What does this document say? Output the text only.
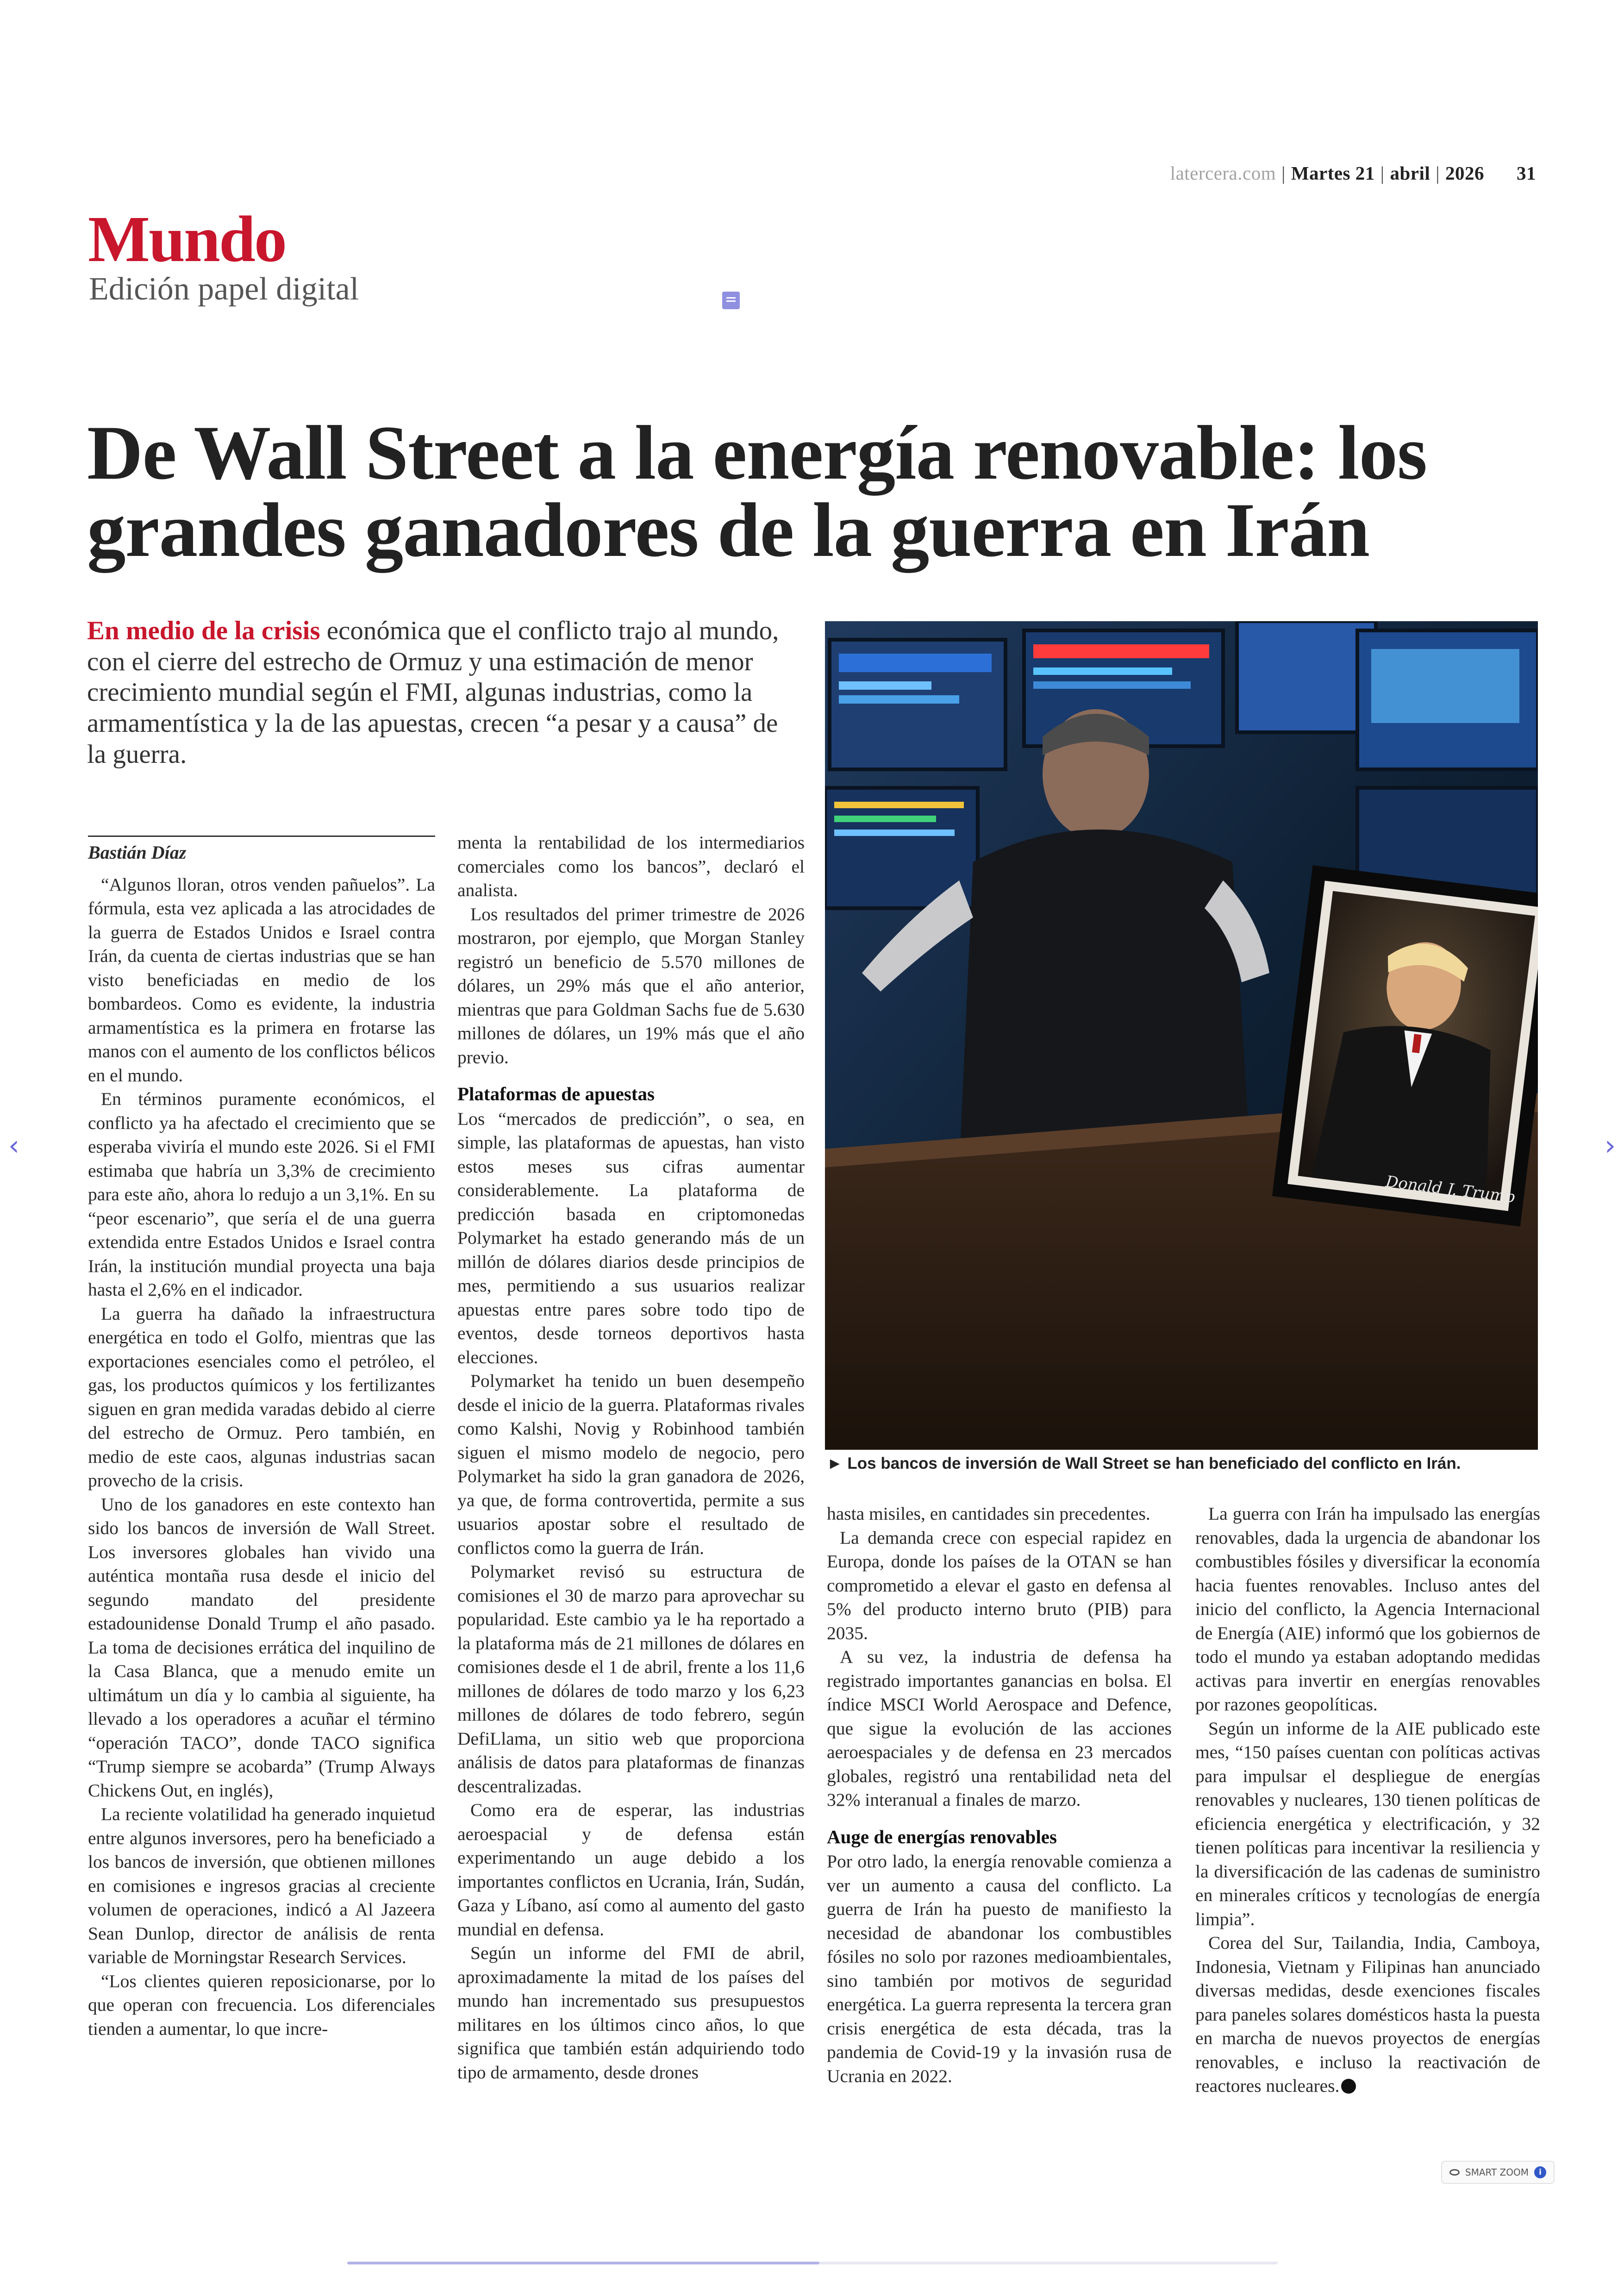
latercera.com | Martes 21 | abril | 2026 31
Mundo
Edición papel digital
De Wall Street a la energía renovable: los grandes ganadores de la guerra en Irán
En medio de la crisis económica que el conflicto trajo al mundo, con el cierre del estrecho de Ormuz y una estimación de menor crecimiento mundial según el FMI, algunas industrias, como la armamentística y la de las apuestas, crecen “a pesar y a causa” de la guerra.
Donald J. Trump
► Los bancos de inversión de Wall Street se han beneficiado del conflicto en Irán.
Bastián Díaz

“Algunos lloran, otros venden pañuelos”. La fórmula, esta vez aplicada a las atrocidades de la guerra de Estados Unidos e Israel contra Irán, da cuenta de ciertas industrias que se han visto beneficiadas en medio de los bombardeos. Como es evidente, la industria armamentística es la primera en frotarse las manos con el aumento de los conflictos bélicos en el mundo.

En términos puramente económicos, el conflicto ya ha afectado el crecimiento que se esperaba viviría el mundo este 2026. Si el FMI estimaba que habría un 3,3% de crecimiento para este año, ahora lo redujo a un 3,1%. En su “peor escenario”, que sería el de una guerra extendida entre Estados Unidos e Israel contra Irán, la institución mundial proyecta una baja hasta el 2,6% en el indicador.

La guerra ha dañado la infraestructura energética en todo el Golfo, mientras que las exportaciones esenciales como el petróleo, el gas, los productos químicos y los fertilizantes siguen en gran medida varadas debido al cierre del estrecho de Ormuz. Pero también, en medio de este caos, algunas industrias sacan provecho de la crisis.

Uno de los ganadores en este contexto han sido los bancos de inversión de Wall Street. Los inversores globales han vivido una auténtica montaña rusa desde el inicio del segundo mandato del presidente estadounidense Donald Trump el año pasado. La toma de decisiones errática del inquilino de la Casa Blanca, que a menudo emite un ultimátum un día y lo cambia al siguiente, ha llevado a los operadores a acuñar el término “operación TACO”, donde TACO significa “Trump siempre se acobarda” (Trump Always Chickens Out, en inglés),

La reciente volatilidad ha generado inquietud entre algunos inversores, pero ha beneficiado a los bancos de inversión, que obtienen millones en comisiones e ingresos gracias al creciente volumen de operaciones, indicó a Al Jazeera Sean Dunlop, director de análisis de renta variable de Morningstar Research Services.

“Los clientes quieren reposicionarse, por lo que operan con frecuencia. Los diferenciales tienden a aumentar, lo que incre-

menta la rentabilidad de los intermediarios comerciales como los bancos”, declaró el analista.

Los resultados del primer trimestre de 2026 mostraron, por ejemplo, que Morgan Stanley registró un beneficio de 5.570 millones de dólares, un 29% más que el año anterior, mientras que para Goldman Sachs fue de 5.630 millones de dólares, un 19% más que el año previo.

Plataformas de apuestas

Los “mercados de predicción”, o sea, en simple, las plataformas de apuestas, han visto estos meses sus cifras aumentar considerablemente. La plataforma de predicción basada en criptomonedas Polymarket ha estado generando más de un millón de dólares diarios desde principios de mes, permitiendo a sus usuarios realizar apuestas entre pares sobre todo tipo de eventos, desde torneos deportivos hasta elecciones.

Polymarket ha tenido un buen desempeño desde el inicio de la guerra. Plataformas rivales como Kalshi, Novig y Robinhood también siguen el mismo modelo de negocio, pero Polymarket ha sido la gran ganadora de 2026, ya que, de forma controvertida, permite a sus usuarios apostar sobre el resultado de conflictos como la guerra de Irán.

Polymarket revisó su estructura de comisiones el 30 de marzo para aprovechar su popularidad. Este cambio ya le ha reportado a la plataforma más de 21 millones de dólares en comisiones desde el 1 de abril, frente a los 11,6 millones de dólares de todo marzo y los 6,23 millones de dólares de todo febrero, según DefiLlama, un sitio web que proporciona análisis de datos para plataformas de finanzas descentralizadas.

Como era de esperar, las industrias aeroespacial y de defensa están experimentando un auge debido a los importantes conflictos en Ucrania, Irán, Sudán, Gaza y Líbano, así como al aumento del gasto mundial en defensa.

Según un informe del FMI de abril, aproximadamente la mitad de los países del mundo han incrementado sus presupuestos militares en los últimos cinco años, lo que significa que también están adquiriendo todo tipo de armamento, desde drones

hasta misiles, en cantidades sin precedentes.

La demanda crece con especial rapidez en Europa, donde los países de la OTAN se han comprometido a elevar el gasto en defensa al 5% del producto interno bruto (PIB) para 2035.

A su vez, la industria de defensa ha registrado importantes ganancias en bolsa. El índice MSCI World Aerospace and Defence, que sigue la evolución de las acciones aeroespaciales y de defensa en 23 mercados globales, registró una rentabilidad neta del 32% interanual a finales de marzo.

Auge de energías renovables

Por otro lado, la energía renovable comienza a ver un aumento a causa del conflicto. La guerra de Irán ha puesto de manifiesto la necesidad de abandonar los combustibles fósiles no solo por razones medioambientales, sino también por motivos de seguridad energética. La guerra representa la tercera gran crisis energética de esta década, tras la pandemia de Covid-19 y la invasión rusa de Ucrania en 2022.

La guerra con Irán ha impulsado las energías renovables, dada la urgencia de abandonar los combustibles fósiles y diversificar la economía hacia fuentes renovables. Incluso antes del inicio del conflicto, la Agencia Internacional de Energía (AIE) informó que los gobiernos de todo el mundo ya estaban adoptando medidas activas para invertir en energías renovables por razones geopolíticas.

Según un informe de la AIE publicado este mes, “150 países cuentan con políticas activas para impulsar el despliegue de energías renovables y nucleares, 130 tienen políticas de eficiencia energética y electrificación, y 32 tienen políticas para incentivar la resiliencia y la diversificación de las cadenas de suministro en minerales críticos y tecnologías de energía limpia”.

Corea del Sur, Tailandia, India, Camboya, Indonesia, Vietnam y Filipinas han anunciado diversas medidas, desde exenciones fiscales para paneles solares domésticos hasta la puesta en marcha de nuevos proyectos de energías renovables, e incluso la reactivación de reactores nucleares.

‹	›
SMART ZOOM	i
